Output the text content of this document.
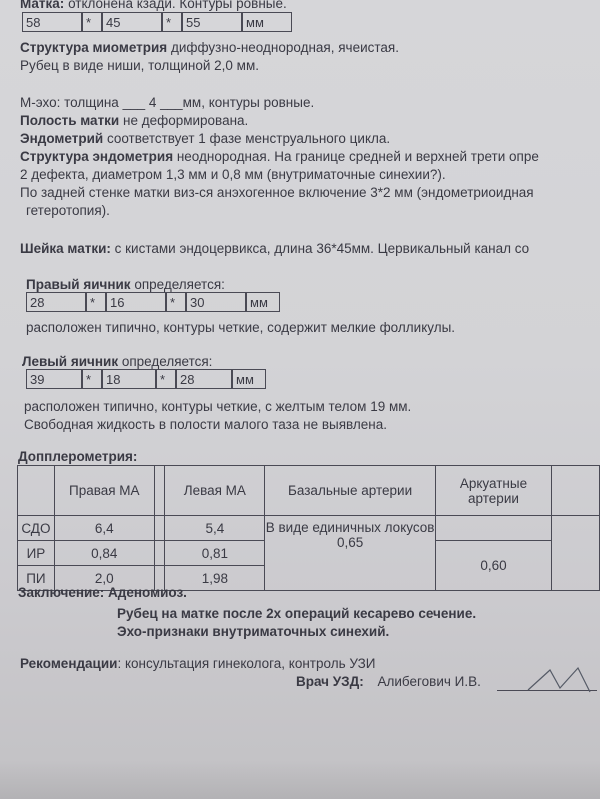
Матка: отклонена кзади. Контуры ровные.
58	*	45	*	55	мм
Структура миометрия диффузно-неоднородная, ячеистая.
Рубец в виде ниши, толщиной 2,0 мм.
М-эхо: толщина ___ 4 ___мм, контуры ровные.
Полость матки не деформирована.
Эндометрий соответствует 1 фазе менструального цикла.
Структура эндометрия неоднородная. На границе средней и верхней трети опре
2 дефекта, диаметром 1,3 мм и 0,8 мм (внутриматочные синехии?).
По задней стенке матки виз-ся анэхогенное включение 3*2 мм (эндометриоидная
гетеротопия).
Шейка матки: с кистами эндоцервикса, длина 36*45мм. Цервикальный канал со
Правый яичник определяется:
28	*	16	*	30	мм
расположен типично, контуры четкие, содержит мелкие фолликулы.
Левый яичник определяется:
39	*	18	*	28	мм
расположен типично, контуры четкие, с желтым телом 19 мм.
Свободная жидкость в полости малого таза не выявлена.
Допплерометрия:
	Правая МА		Левая МА	Базальные артерии	Аркуатные артерии	
СДО	6,4		5,4	В виде единичных локусов 0,65		
ИР	0,84		0,81		0,60	
ПИ	2,0		1,98			
Заключение: Аденомиоз.
Рубец на матке после 2х операций кесарево сечение.
Эхо-признаки внутриматочных синехий.
Рекомендации: консультация гинеколога, контроль УЗИ
Врач УЗД: Алибегович И.В.
